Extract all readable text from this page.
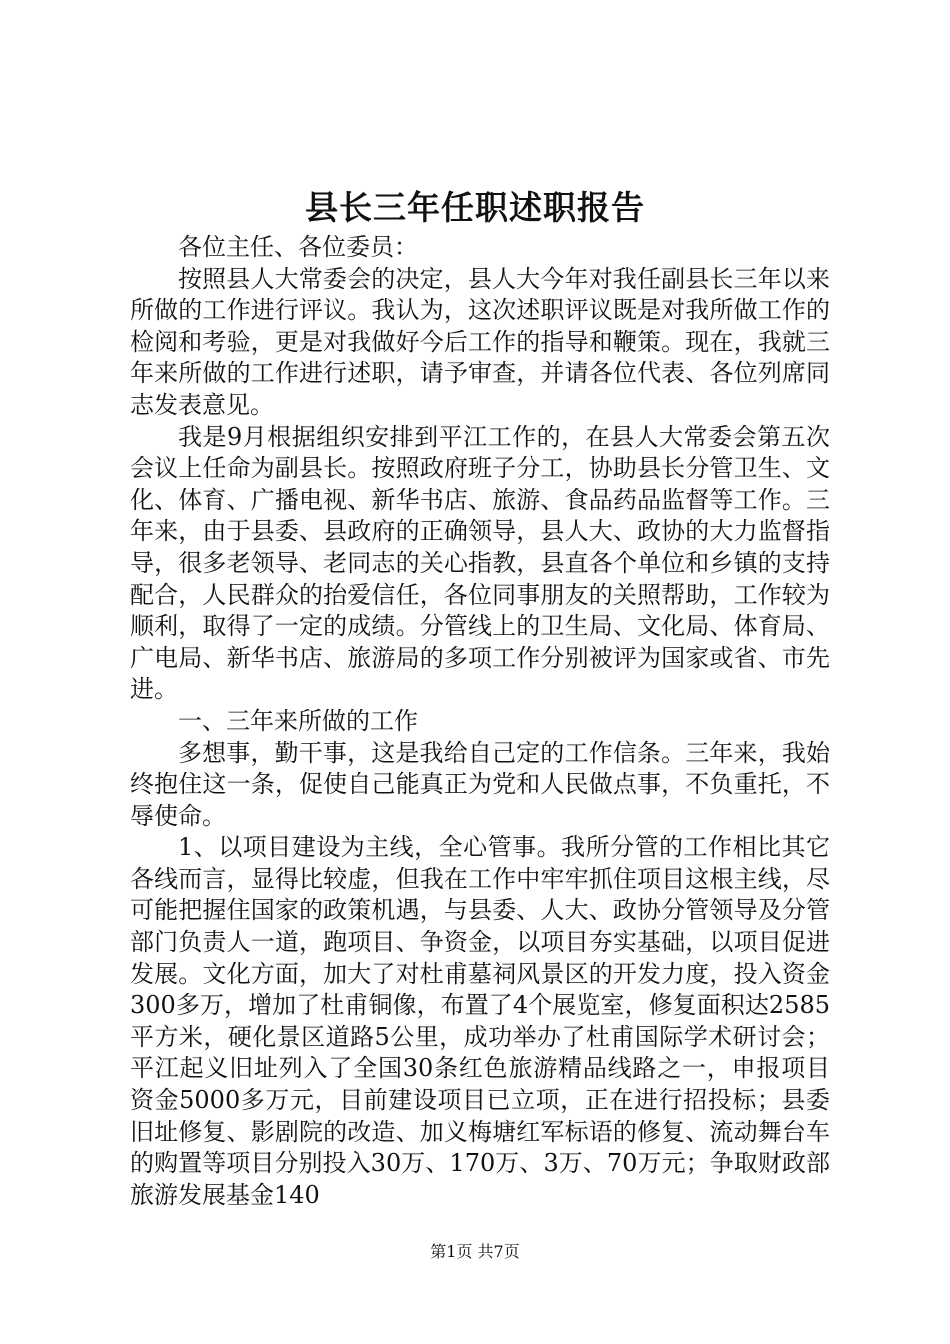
县长三年任职述职报告

各位主任、各位委员：

按照县人大常委会的决定，县人大今年对我任副县长三年以来所做的工作进行评议。我认为，这次述职评议既是对我所做工作的检阅和考验，更是对我做好今后工作的指导和鞭策。现在，我就三年来所做的工作进行述职，请予审查，并请各位代表、各位列席同志发表意见。

我是9月根据组织安排到平江工作的，在县人大常委会第五次会议上任命为副县长。按照政府班子分工，协助县长分管卫生、文化、体育、广播电视、新华书店、旅游、食品药品监督等工作。三年来，由于县委、县政府的正确领导，县人大、政协的大力监督指导，很多老领导、老同志的关心指教，县直各个单位和乡镇的支持配合，人民群众的抬爱信任，各位同事朋友的关照帮助，工作较为顺利，取得了一定的成绩。分管线上的卫生局、文化局、体育局、广电局、新华书店、旅游局的多项工作分别被评为国家或省、市先进。

一、三年来所做的工作

多想事，勤干事，这是我给自己定的工作信条。三年来，我始终抱住这一条，促使自己能真正为党和人民做点事，不负重托，不辱使命。

1、以项目建设为主线，全心管事。我所分管的工作相比其它各线而言，显得比较虚，但我在工作中牢牢抓住项目这根主线，尽可能把握住国家的政策机遇，与县委、人大、政协分管领导及分管部门负责人一道，跑项目、争资金，以项目夯实基础，以项目促进发展。文化方面，加大了对杜甫墓祠风景区的开发力度，投入资金300多万，增加了杜甫铜像，布置了4个展览室，修复面积达2585平方米，硬化景区道路5公里，成功举办了杜甫国际学术研讨会；平江起义旧址列入了全国30条红色旅游精品线路之一，申报项目资金5000多万元，目前建设项目已立项，正在进行招投标；县委旧址修复、影剧院的改造、加义梅塘红军标语的修复、流动舞台车的购置等项目分别投入30万、170万、3万、70万元；争取财政部旅游发展基金140

第1页 共7页
